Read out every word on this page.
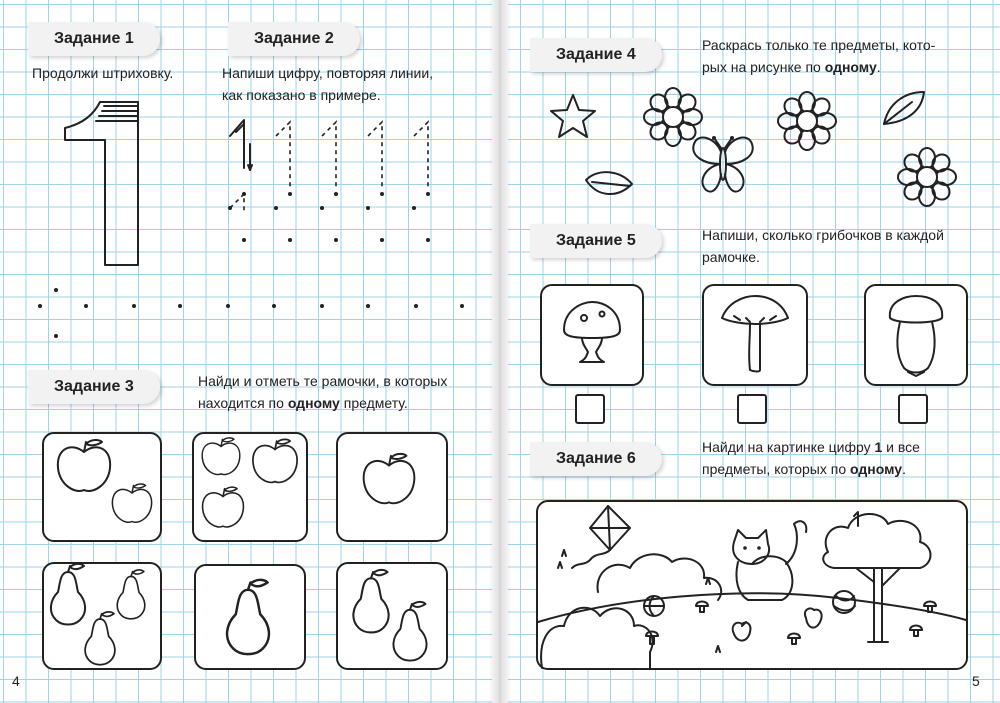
Задание 1
Продолжи штриховку.
Задание 2
Напиши цифру, повторяя линии,
как показано в примере.
Задание 3	Найди и отметь те рамочки, в которых
находится по одному предмету.
4
Задание 4
Раскрась только те предметы, кото-
рых на рисунке по одному.
Задание 5	Напиши, сколько грибочков в каждой
рамочке.
Задание 6
Найди на картинке цифру 1 и все
предметы, которых по одному.
5
